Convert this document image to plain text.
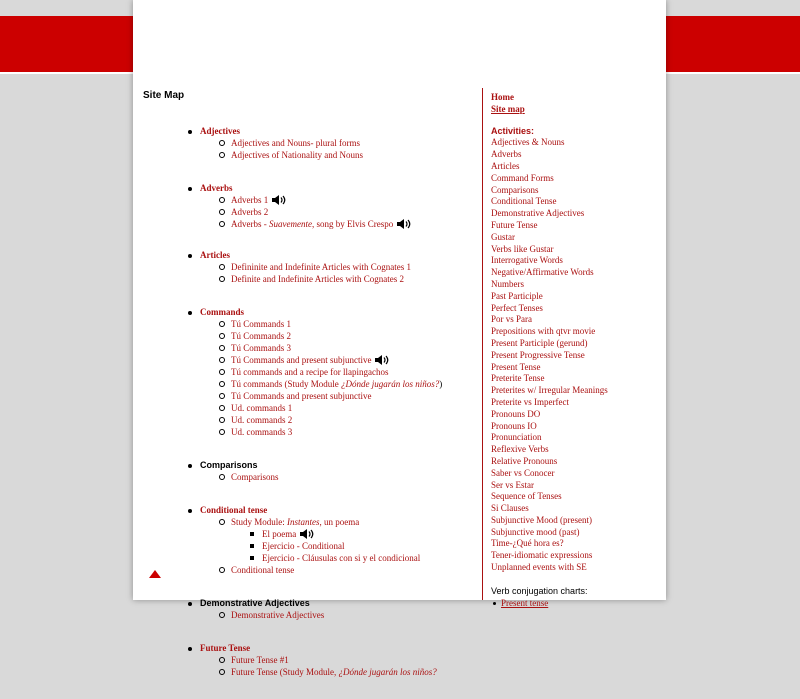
spanish.language&culture
with barbara kuczun nelson
Site Map
Adjectives
Adjectives and Nouns- plural forms
Adjectives of Nationality and Nouns
Adverbs
Adverbs 1
Adverbs 2
Adverbs - Suavemente, song by Elvis Crespo
Articles
Defininite and Indefinite Articles with Cognates 1
Definite and Indefinite Articles with Cognates 2
Commands
Tú Commands 1
Tú Commands 2
Tú Commands 3
Tú Commands and present subjunctive
Tú commands and a recipe for llapingachos
Tú commands (Study Module ¿Dónde jugarán los niños?)
Tú Commands and present subjunctive
Ud. commands 1
Ud. commands 2
Ud. commands 3
Comparisons
Comparisons
Conditional tense
Study Module: Instantes, un poema
El poema
Ejercicio - Conditional
Ejercicio - Cláusulas con si y el condicional
Conditional tense
Demonstrative Adjectives
Demonstrative Adjectives
Future Tense
Future Tense #1
Future Tense (Study Module, ¿Dónde jugarán los niños?
Home
Site map
Activities:
Adjectives & Nouns
Adverbs
Articles
Command Forms
Comparisons
Conditional Tense
Demonstrative Adjectives
Future Tense
Gustar
Verbs like Gustar
Interrogative Words
Negative/Affirmative Words
Numbers
Past Participle
Perfect Tenses
Por vs Para
Prepositions with qtvr movie
Present Participle (gerund)
Present Progressive Tense
Present Tense
Preterite Tense
Preterites w/ Irregular Meanings
Preterite vs Imperfect
Pronouns DO
Pronouns IO
Pronunciation
Reflexive Verbs
Relative Pronouns
Saber vs Conocer
Ser vs Estar
Sequence of Tenses
Si Clauses
Subjunctive Mood (present)
Subjunctive mood (past)
Time-¿Qué hora es?
Tener-idiomatic expressions
Unplanned events with SE
Verb conjugation charts:
Present tense
